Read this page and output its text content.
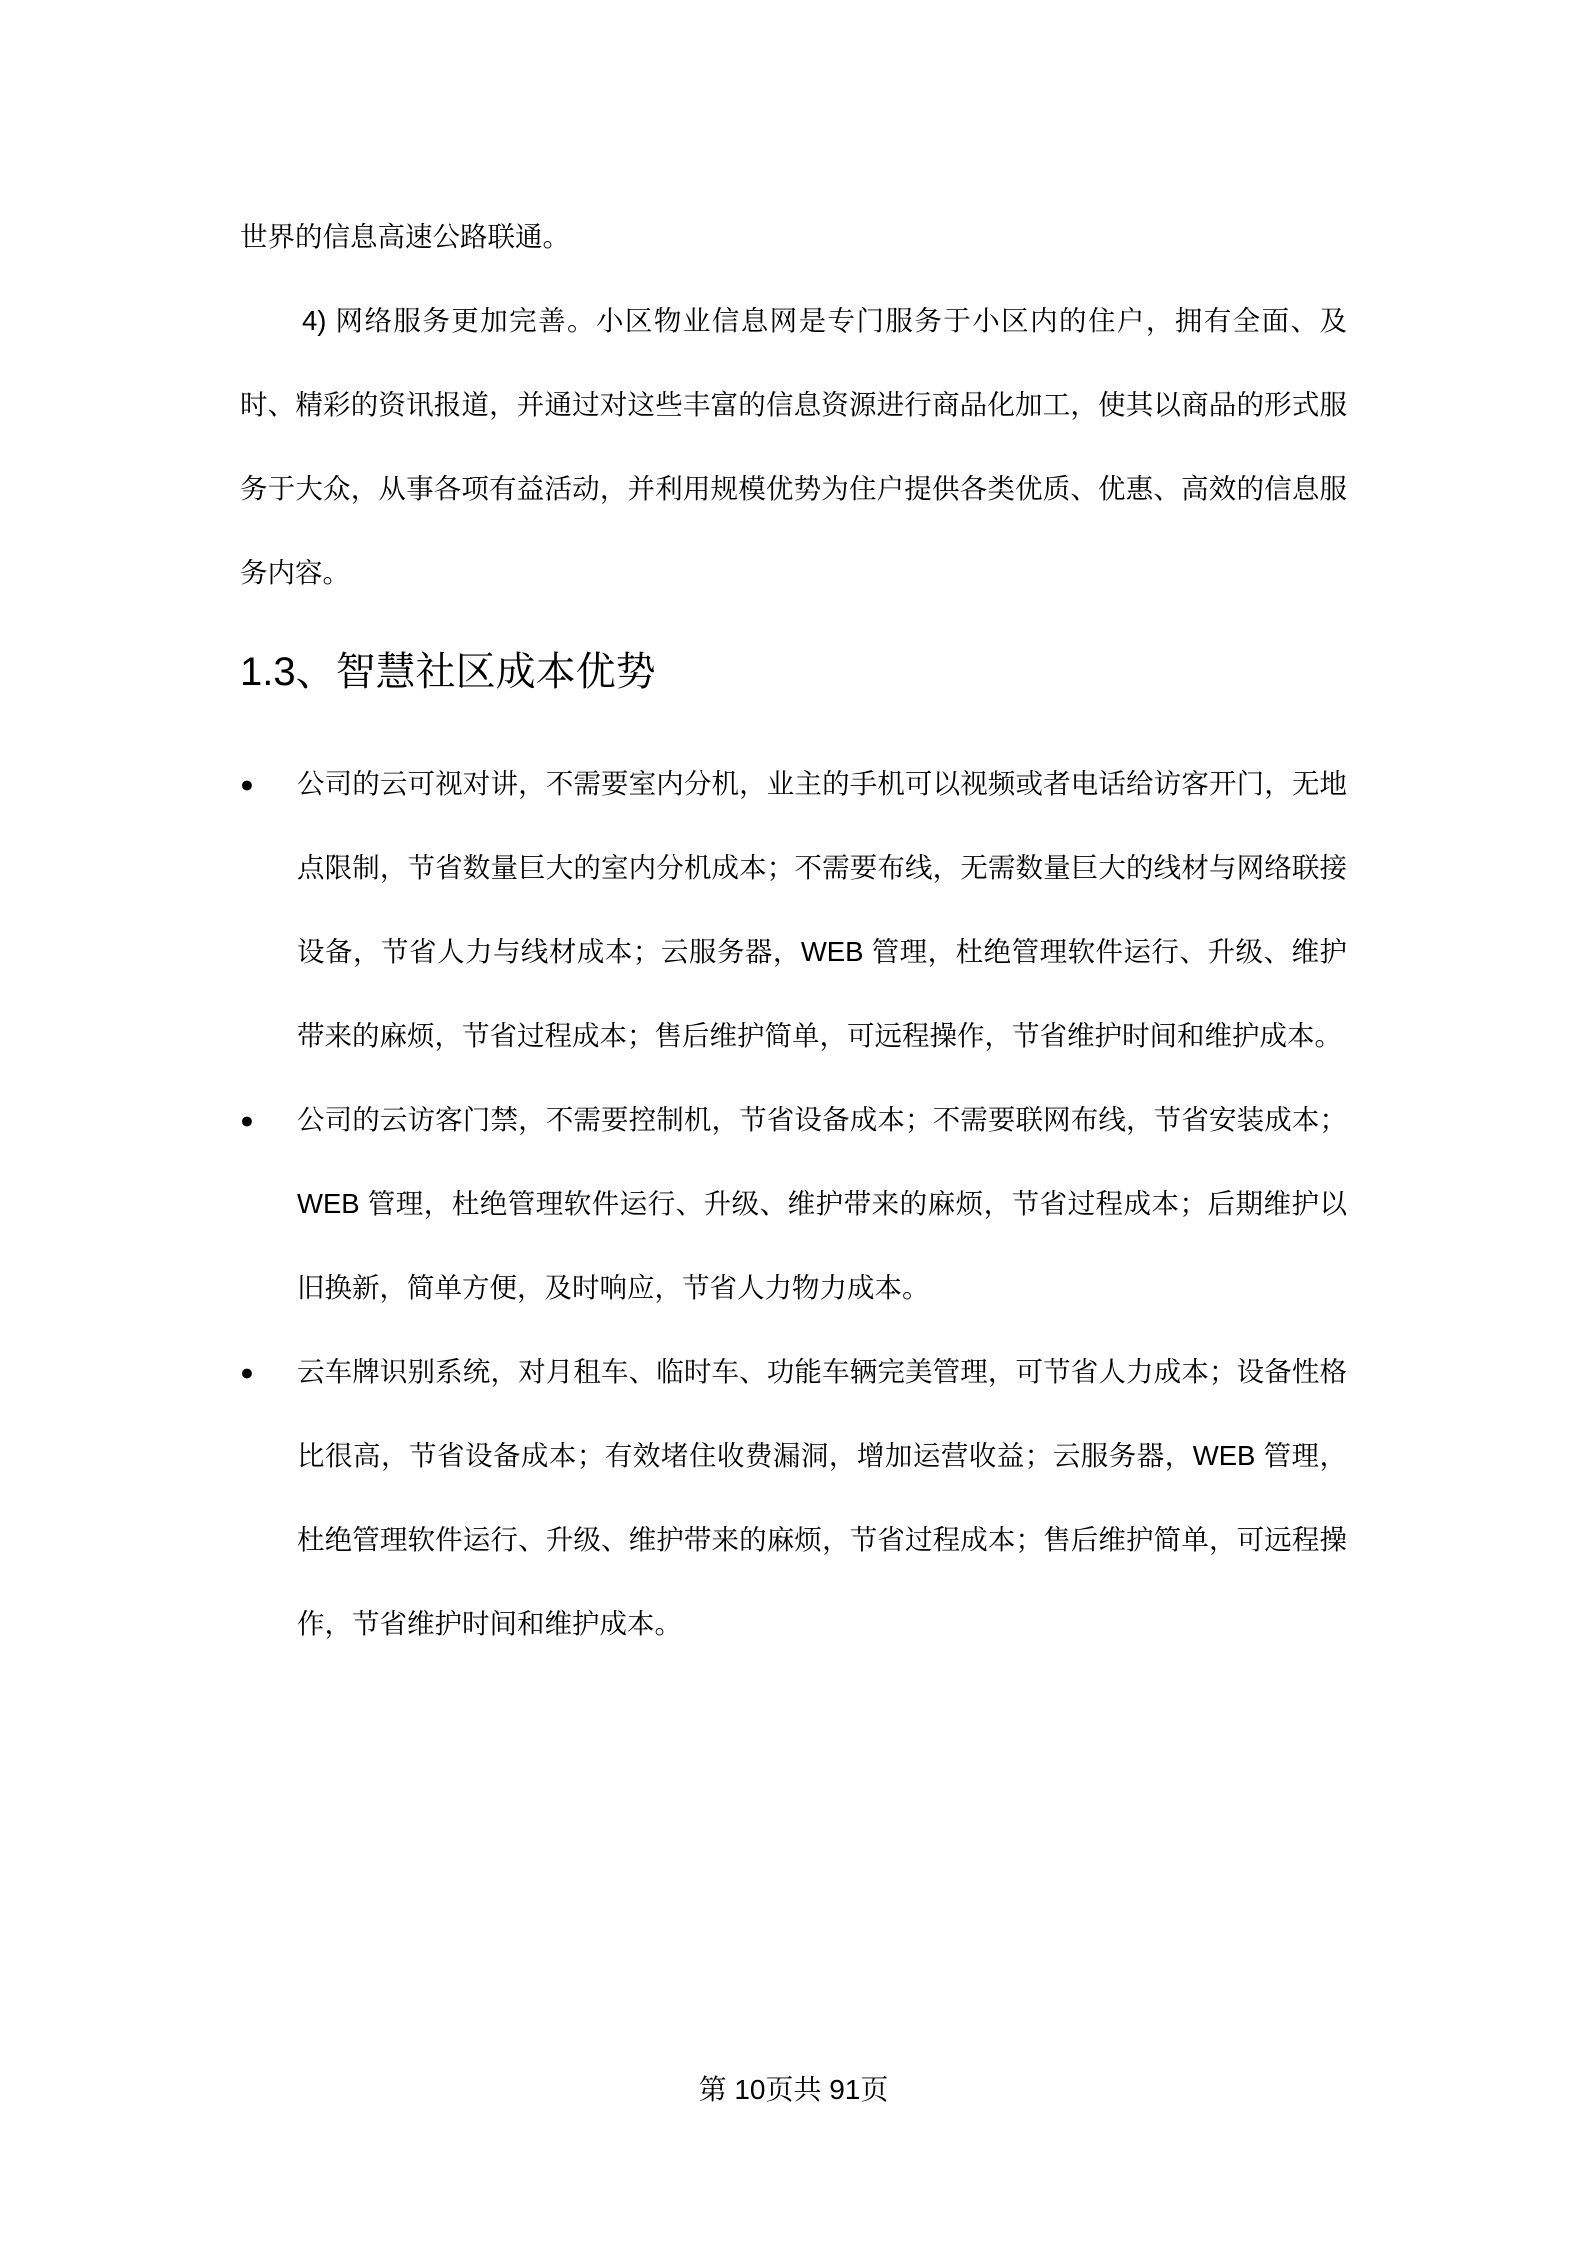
世界的信息高速公路联通。

4) 网络服务更加完善。小区物业信息网是专门服务于小区内的住户，拥有全面、及时、精彩的资讯报道，并通过对这些丰富的信息资源进行商品化加工，使其以商品的形式服务于大众，从事各项有益活动，并利用规模优势为住户提供各类优质、优惠、高效的信息服务内容。

1.3、智慧社区成本优势
●	公司的云可视对讲，不需要室内分机，业主的手机可以视频或者电话给访客开门，无地点限制，节省数量巨大的室内分机成本；不需要布线，无需数量巨大的线材与网络联接设备，节省人力与线材成本；云服务器，WEB 管理，杜绝管理软件运行、升级、维护带来的麻烦，节省过程成本；售后维护简单，可远程操作，节省维护时间和维护成本。
●	公司的云访客门禁，不需要控制机，节省设备成本；不需要联网布线，节省安装成本；WEB 管理，杜绝管理软件运行、升级、维护带来的麻烦，节省过程成本；后期维护以旧换新，简单方便，及时响应，节省人力物力成本。
●	云车牌识别系统，对月租车、临时车、功能车辆完美管理，可节省人力成本；设备性格比很高，节省设备成本；有效堵住收费漏洞，增加运营收益；云服务器，WEB 管理，杜绝管理软件运行、升级、维护带来的麻烦，节省过程成本；售后维护简单，可远程操作，节省维护时间和维护成本。
第 10页共 91页
